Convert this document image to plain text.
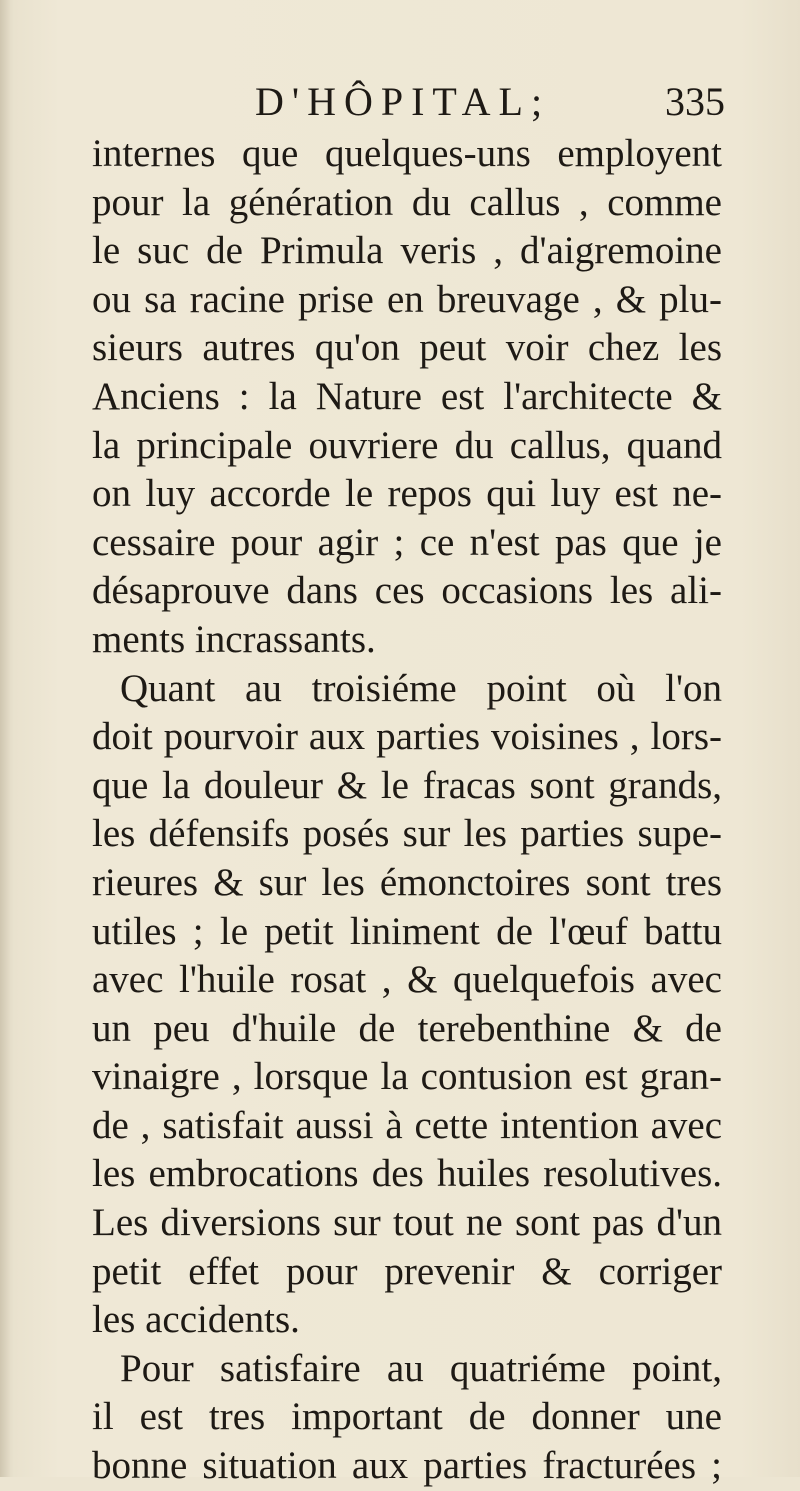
D'HÔPITAL;	335
internes que quelques-uns employent
pour la génération du callus , comme
le suc de Primula veris , d'aigremoine
ou sa racine prise en breuvage , & plu-
sieurs autres qu'on peut voir chez les
Anciens : la Nature est l'architecte &
la principale ouvriere du callus, quand
on luy accorde le repos qui luy est ne-
cessaire pour agir ; ce n'est pas que je
désaprouve dans ces occasions les ali-
ments incrassants.
Quant au troisiéme point où l'on
doit pourvoir aux parties voisines , lors-
que la douleur & le fracas sont grands,
les défensifs posés sur les parties supe-
rieures & sur les émonctoires sont tres
utiles ; le petit liniment de l'œuf battu
avec l'huile rosat , & quelquefois avec
un peu d'huile de terebenthine & de
vinaigre , lorsque la contusion est gran-
de , satisfait aussi à cette intention avec
les embrocations des huiles resolutives.
Les diversions sur tout ne sont pas d'un
petit effet pour prevenir & corriger
les accidents.
Pour satisfaire au quatriéme point,
il est tres important de donner une
bonne situation aux parties fracturées ;
